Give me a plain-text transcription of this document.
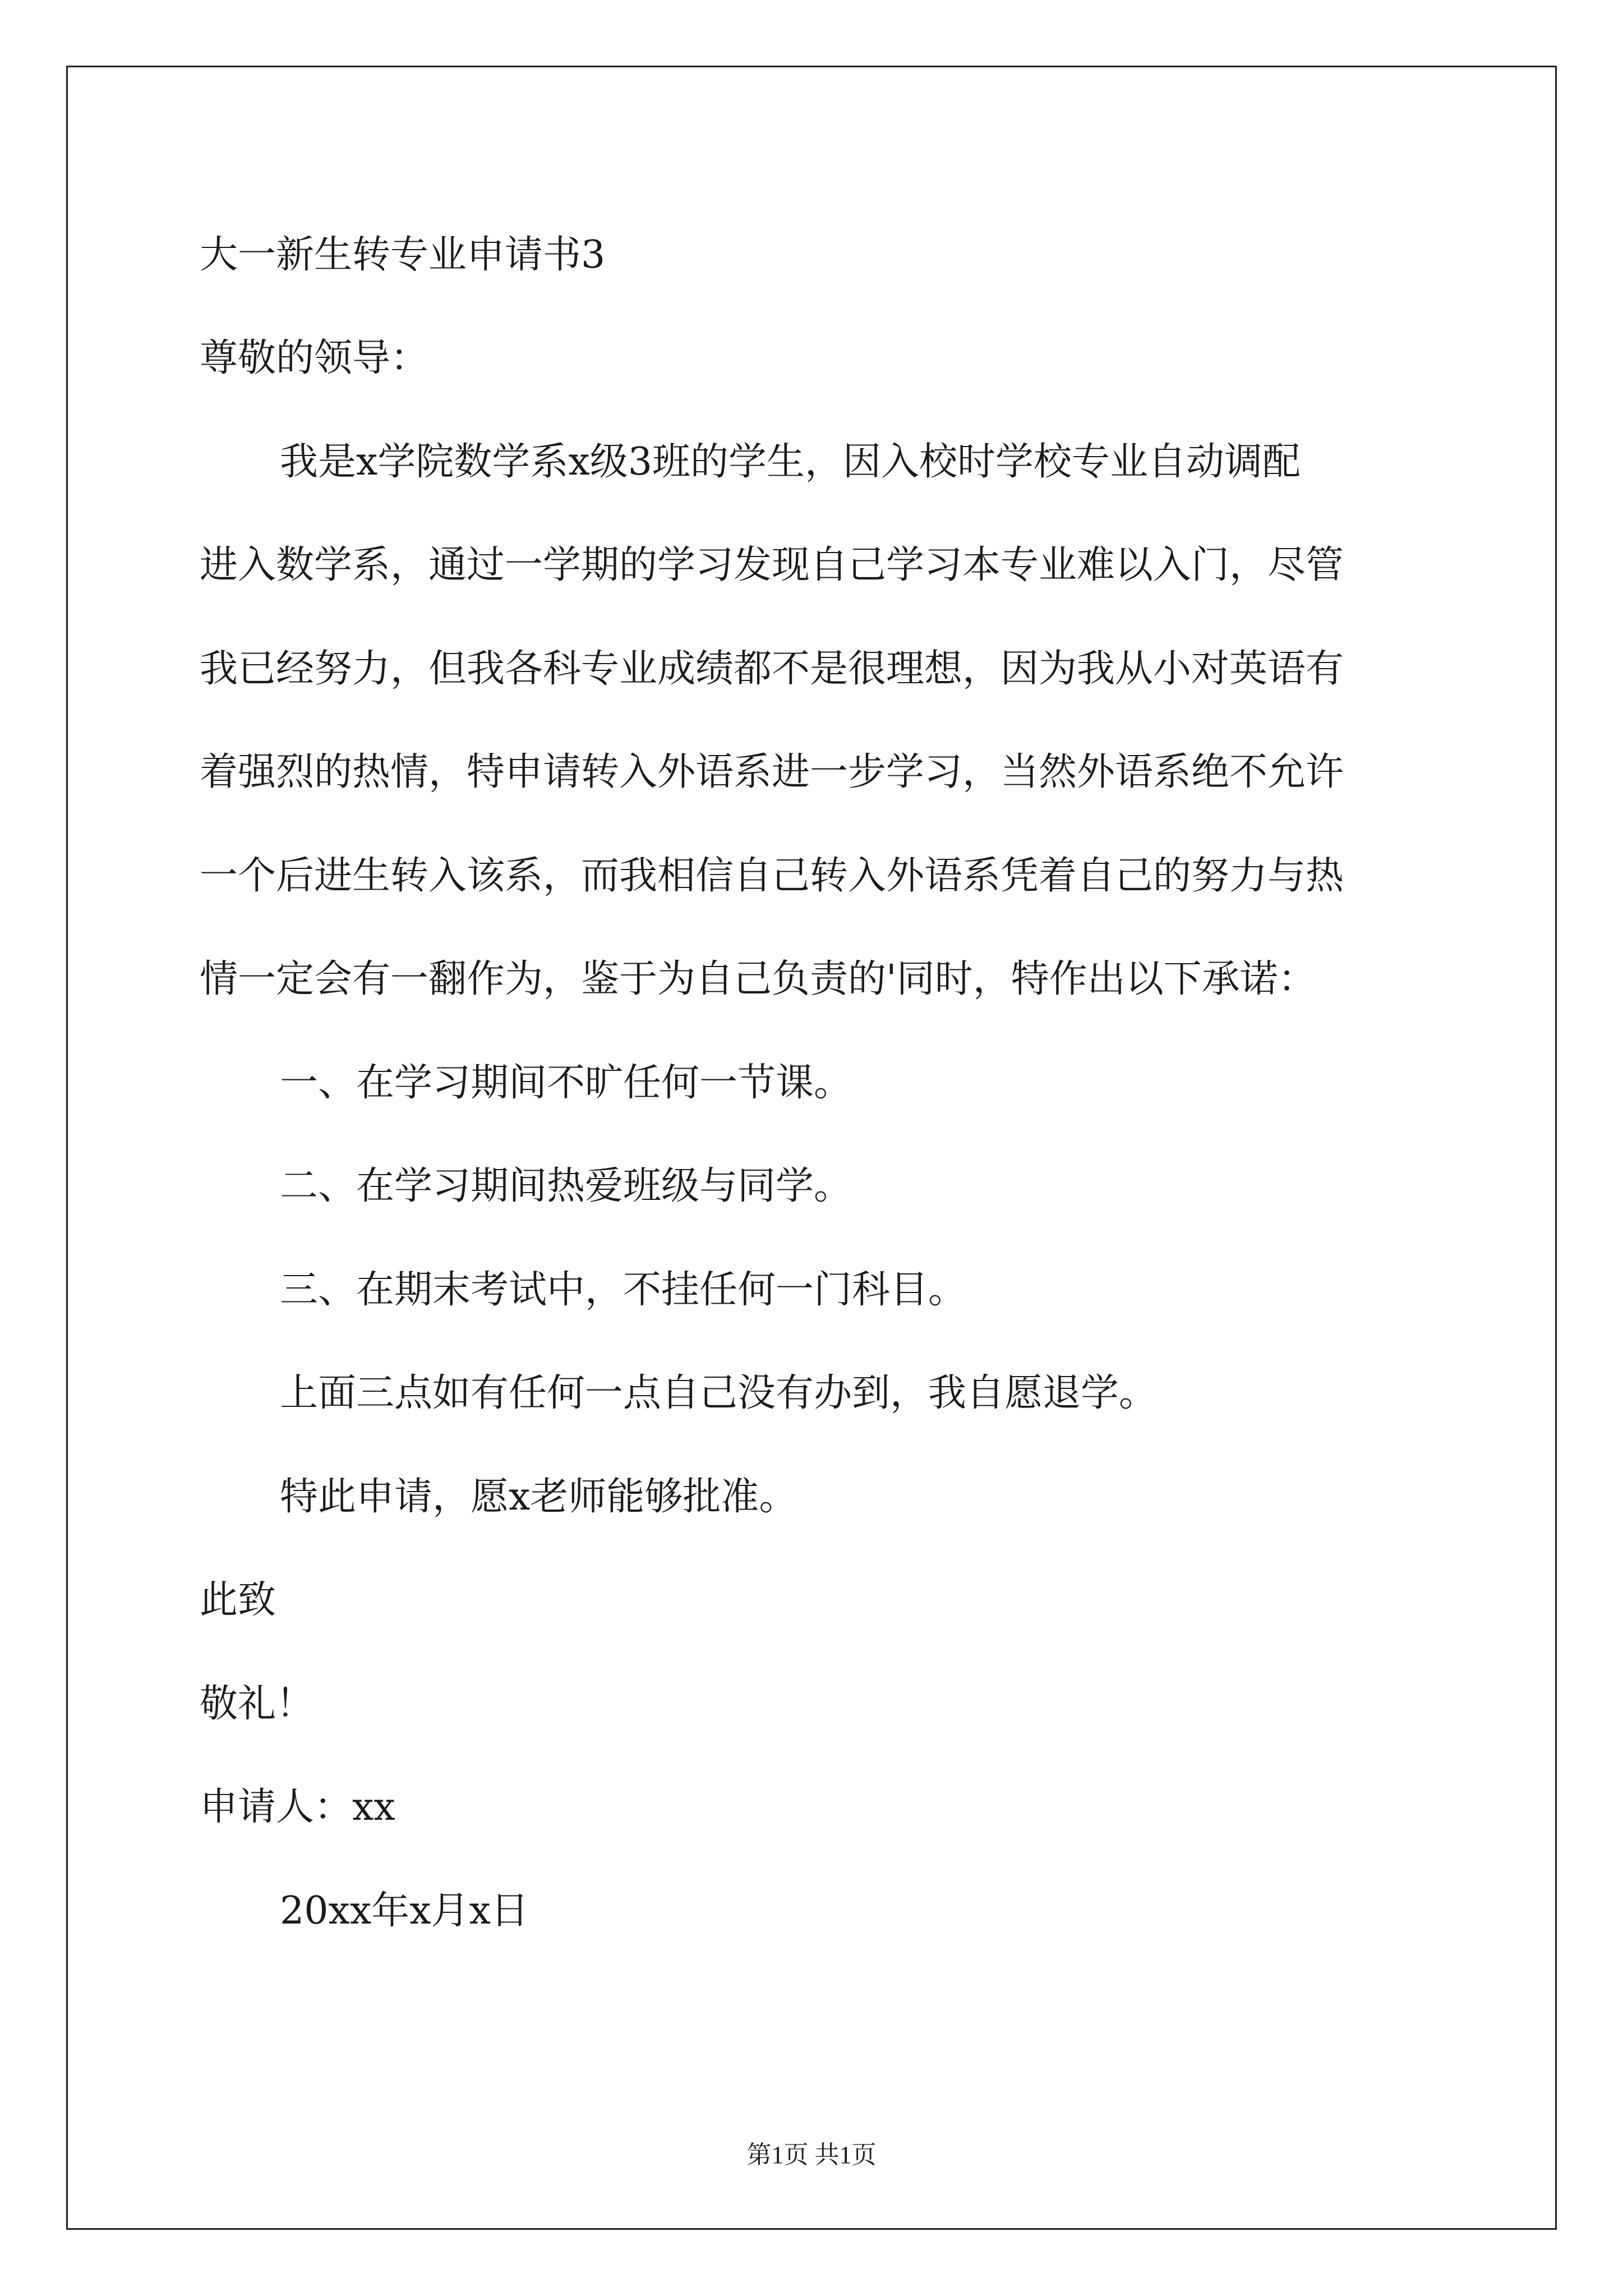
大一新生转专业申请书3

尊敬的领导：

我是x学院数学系x级3班的学生，因入校时学校专业自动调配

进入数学系，通过一学期的学习发现自己学习本专业难以入门，尽管

我已经努力，但我各科专业成绩都不是很理想，因为我从小对英语有

着强烈的热情，特申请转入外语系进一步学习，当然外语系绝不允许

一个后进生转入该系，而我相信自己转入外语系凭着自己的努力与热

情一定会有一翻作为，鉴于为自己负责的'同时，特作出以下承诺：

一、在学习期间不旷任何一节课。

二、在学习期间热爱班级与同学。

三、在期末考试中，不挂任何一门科目。

上面三点如有任何一点自己没有办到，我自愿退学。

特此申请，愿x老师能够批准。

此致

敬礼！

申请人：xx

20xx年x月x日

第1页 共1页
